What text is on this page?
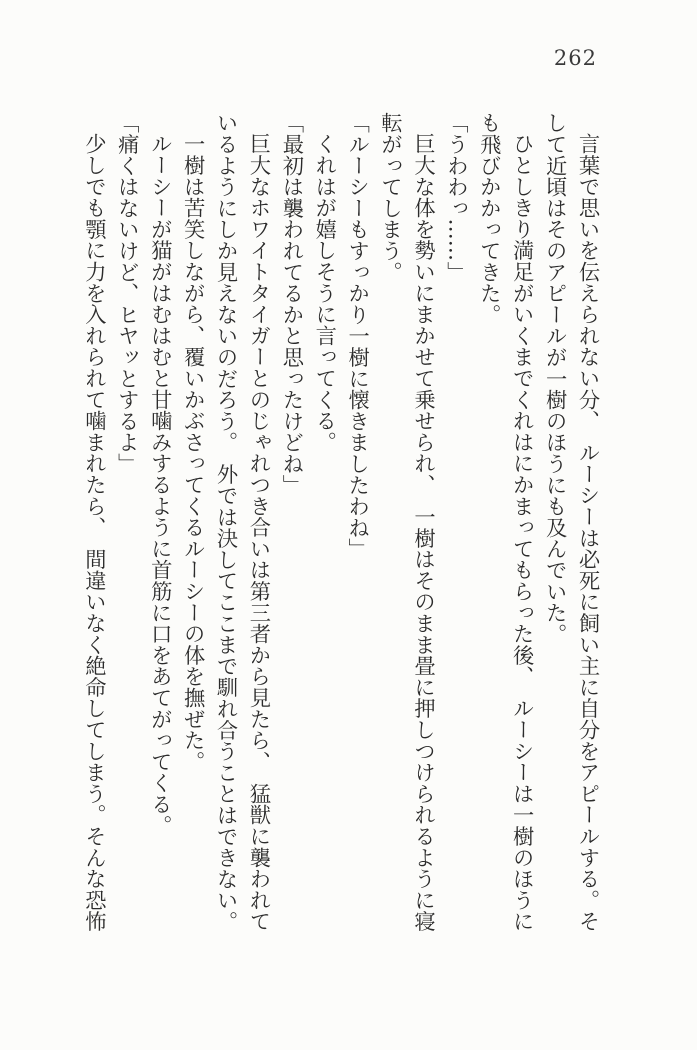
262

言葉で思いを伝えられない分、　ルーシーは必死に飼い主に自分をアピールする。そして近頃はそのアピールが一樹のほうにも及んでいた。

ひとしきり満足がいくまでくれはにかまってもらった後、　ルーシーは一樹のほうにも飛びかかってきた。

「うわわっ……」

巨大な体を勢いにまかせて乗せられ、　一樹はそのまま畳に押しつけられるように寝転がってしまう。

「ルーシーもすっかり一樹に懐きましたわね」

くれはが嬉しそうに言ってくる。

「最初は襲われてるかと思ったけどね」

巨大なホワイトタイガーとのじゃれつき合いは第三者から見たら、　猛獣に襲われているようにしか見えないのだろう。　外では決してここまで馴れ合うことはできない。

一樹は苦笑しながら、覆いかぶさってくるルーシーの体を撫ぜた。

ルーシーが猫がはむはむと甘噛みするように首筋に口をあてがってくる。

「痛くはないけど、ヒヤッとするよ」

少しでも顎に力を入れられて噛まれたら、　間違いなく絶命してしまう。そんな恐怖
